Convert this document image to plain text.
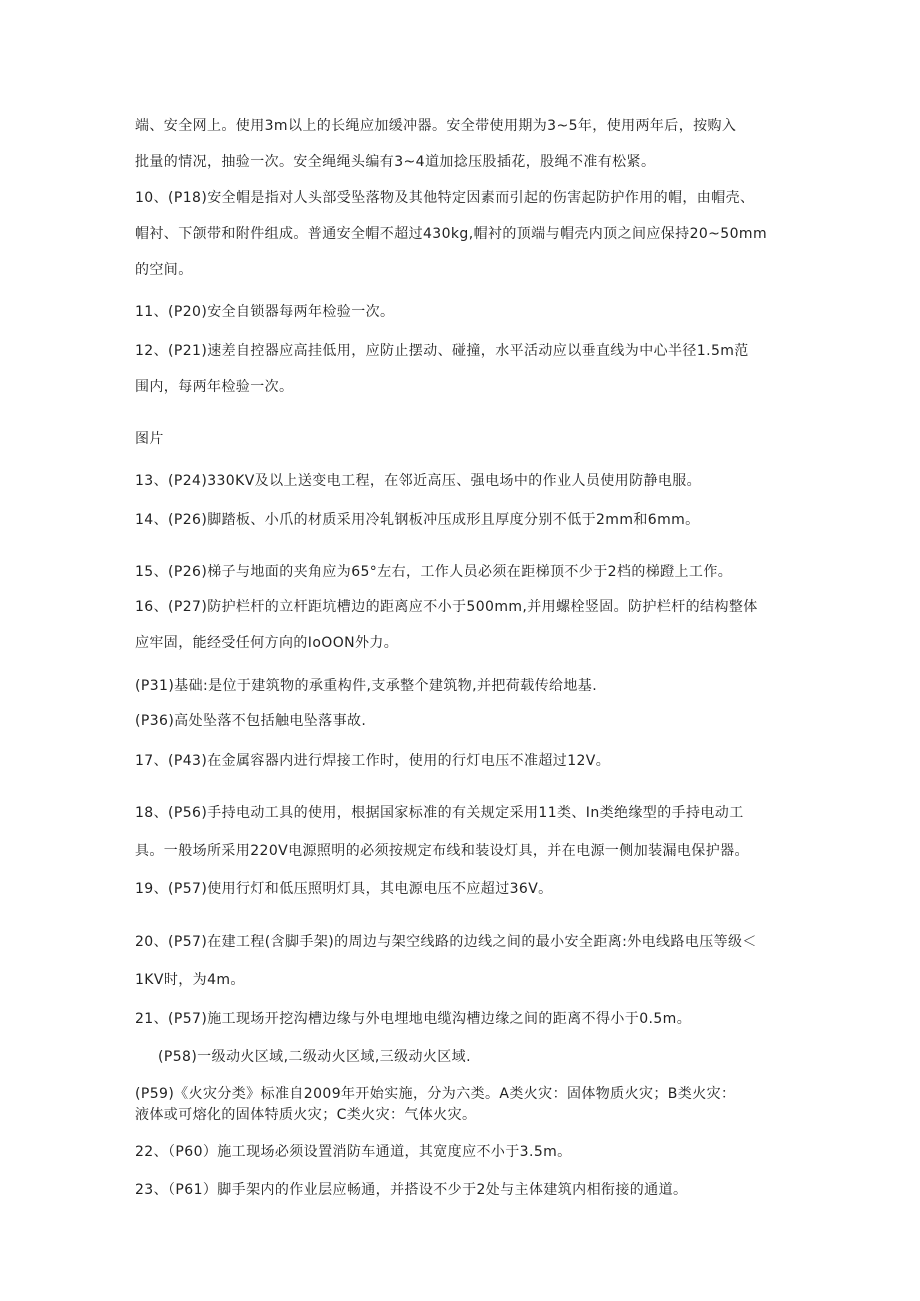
端、安全网上。使用3m以上的长绳应加缓冲器。安全带使用期为3~5年，使用两年后，按购入
批量的情况，抽验一次。安全绳绳头编有3~4道加捻压股插花，股绳不准有松紧。
10、(P18)安全帽是指对人头部受坠落物及其他特定因素而引起的伤害起防护作用的帽，由帽壳、
帽衬、下颌带和附件组成。普通安全帽不超过430kg,帽衬的顶端与帽壳内顶之间应保持20~50mm
的空间。
11、(P20)安全自锁器每两年检验一次。
12、(P21)速差自控器应高挂低用，应防止摆动、碰撞，水平活动应以垂直线为中心半径1.5m范
围内，每两年检验一次。
图片
13、(P24)330KV及以上送变电工程，在邻近高压、强电场中的作业人员使用防静电服。
14、(P26)脚踏板、小爪的材质采用冷轧钢板冲压成形且厚度分别不低于2mm和6mm。
15、(P26)梯子与地面的夹角应为65°左右，工作人员必须在距梯顶不少于2档的梯蹬上工作。
16、(P27)防护栏杆的立杆距坑槽边的距离应不小于500mm,并用螺栓竖固。防护栏杆的结构整体
应牢固，能经受任何方向的IoOON外力。
(P31)基础:是位于建筑物的承重构件,支承整个建筑物,并把荷载传给地基.
(P36)高处坠落不包括触电坠落事故.
17、(P43)在金属容器内进行焊接工作时，使用的行灯电压不准超过12V。
18、(P56)手持电动工具的使用，根据国家标准的有关规定采用11类、In类绝缘型的手持电动工
具。一般场所采用220V电源照明的必须按规定布线和装设灯具，并在电源一侧加装漏电保护器。
19、(P57)使用行灯和低压照明灯具，其电源电压不应超过36V。
20、(P57)在建工程(含脚手架)的周边与架空线路的边线之间的最小安全距离:外电线路电压等级＜
1KV时，为4m。
21、(P57)施工现场开挖沟槽边缘与外电埋地电缆沟槽边缘之间的距离不得小于0.5m。
(P58)一级动火区域,二级动火区域,三级动火区域.
(P59)《火灾分类》标准自2009年开始实施，分为六类。A类火灾：固体物质火灾；B类火灾：
液体或可熔化的固体特质火灾；C类火灾：气体火灾。
22、（P60）施工现场必须设置消防车通道，其宽度应不小于3.5m。
23、（P61）脚手架内的作业层应畅通，并搭设不少于2处与主体建筑内相衔接的通道。
